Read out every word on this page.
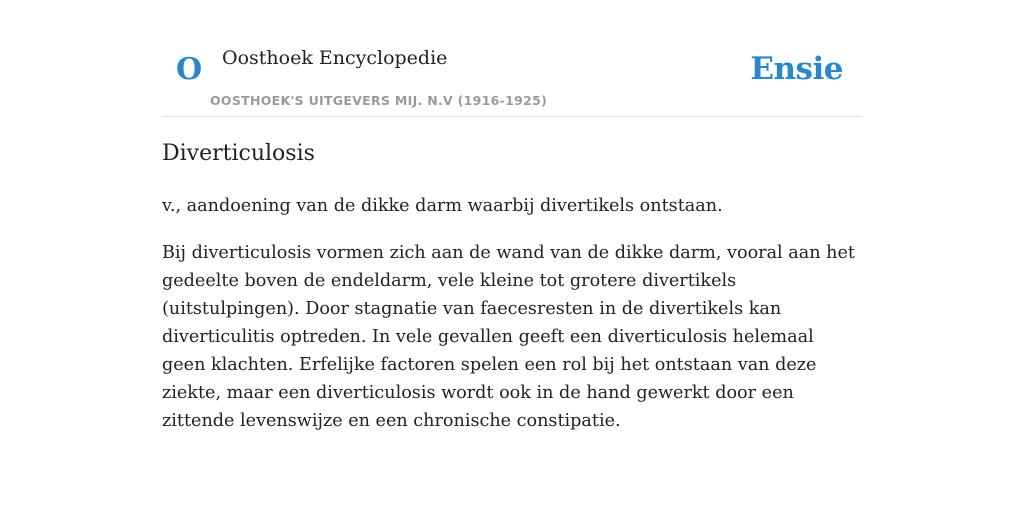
O Oosthoek Encyclopedie
OOSTHOEK'S UITGEVERS MIJ. N.V (1916-1925)
Ensie
Diverticulosis

v., aandoening van de dikke darm waarbij divertikels ontstaan.

Bij diverticulosis vormen zich aan de wand van de dikke darm, vooral aan het gedeelte boven de endeldarm, vele kleine tot grotere divertikels (uitstulpingen). Door stagnatie van faecesresten in de divertikels kan diverticulitis optreden. In vele gevallen geeft een diverticulosis helemaal geen klachten. Erfelijke factoren spelen een rol bij het ontstaan van deze ziekte, maar een diverticulosis wordt ook in de hand gewerkt door een zittende levenswijze en een chronische constipatie.
